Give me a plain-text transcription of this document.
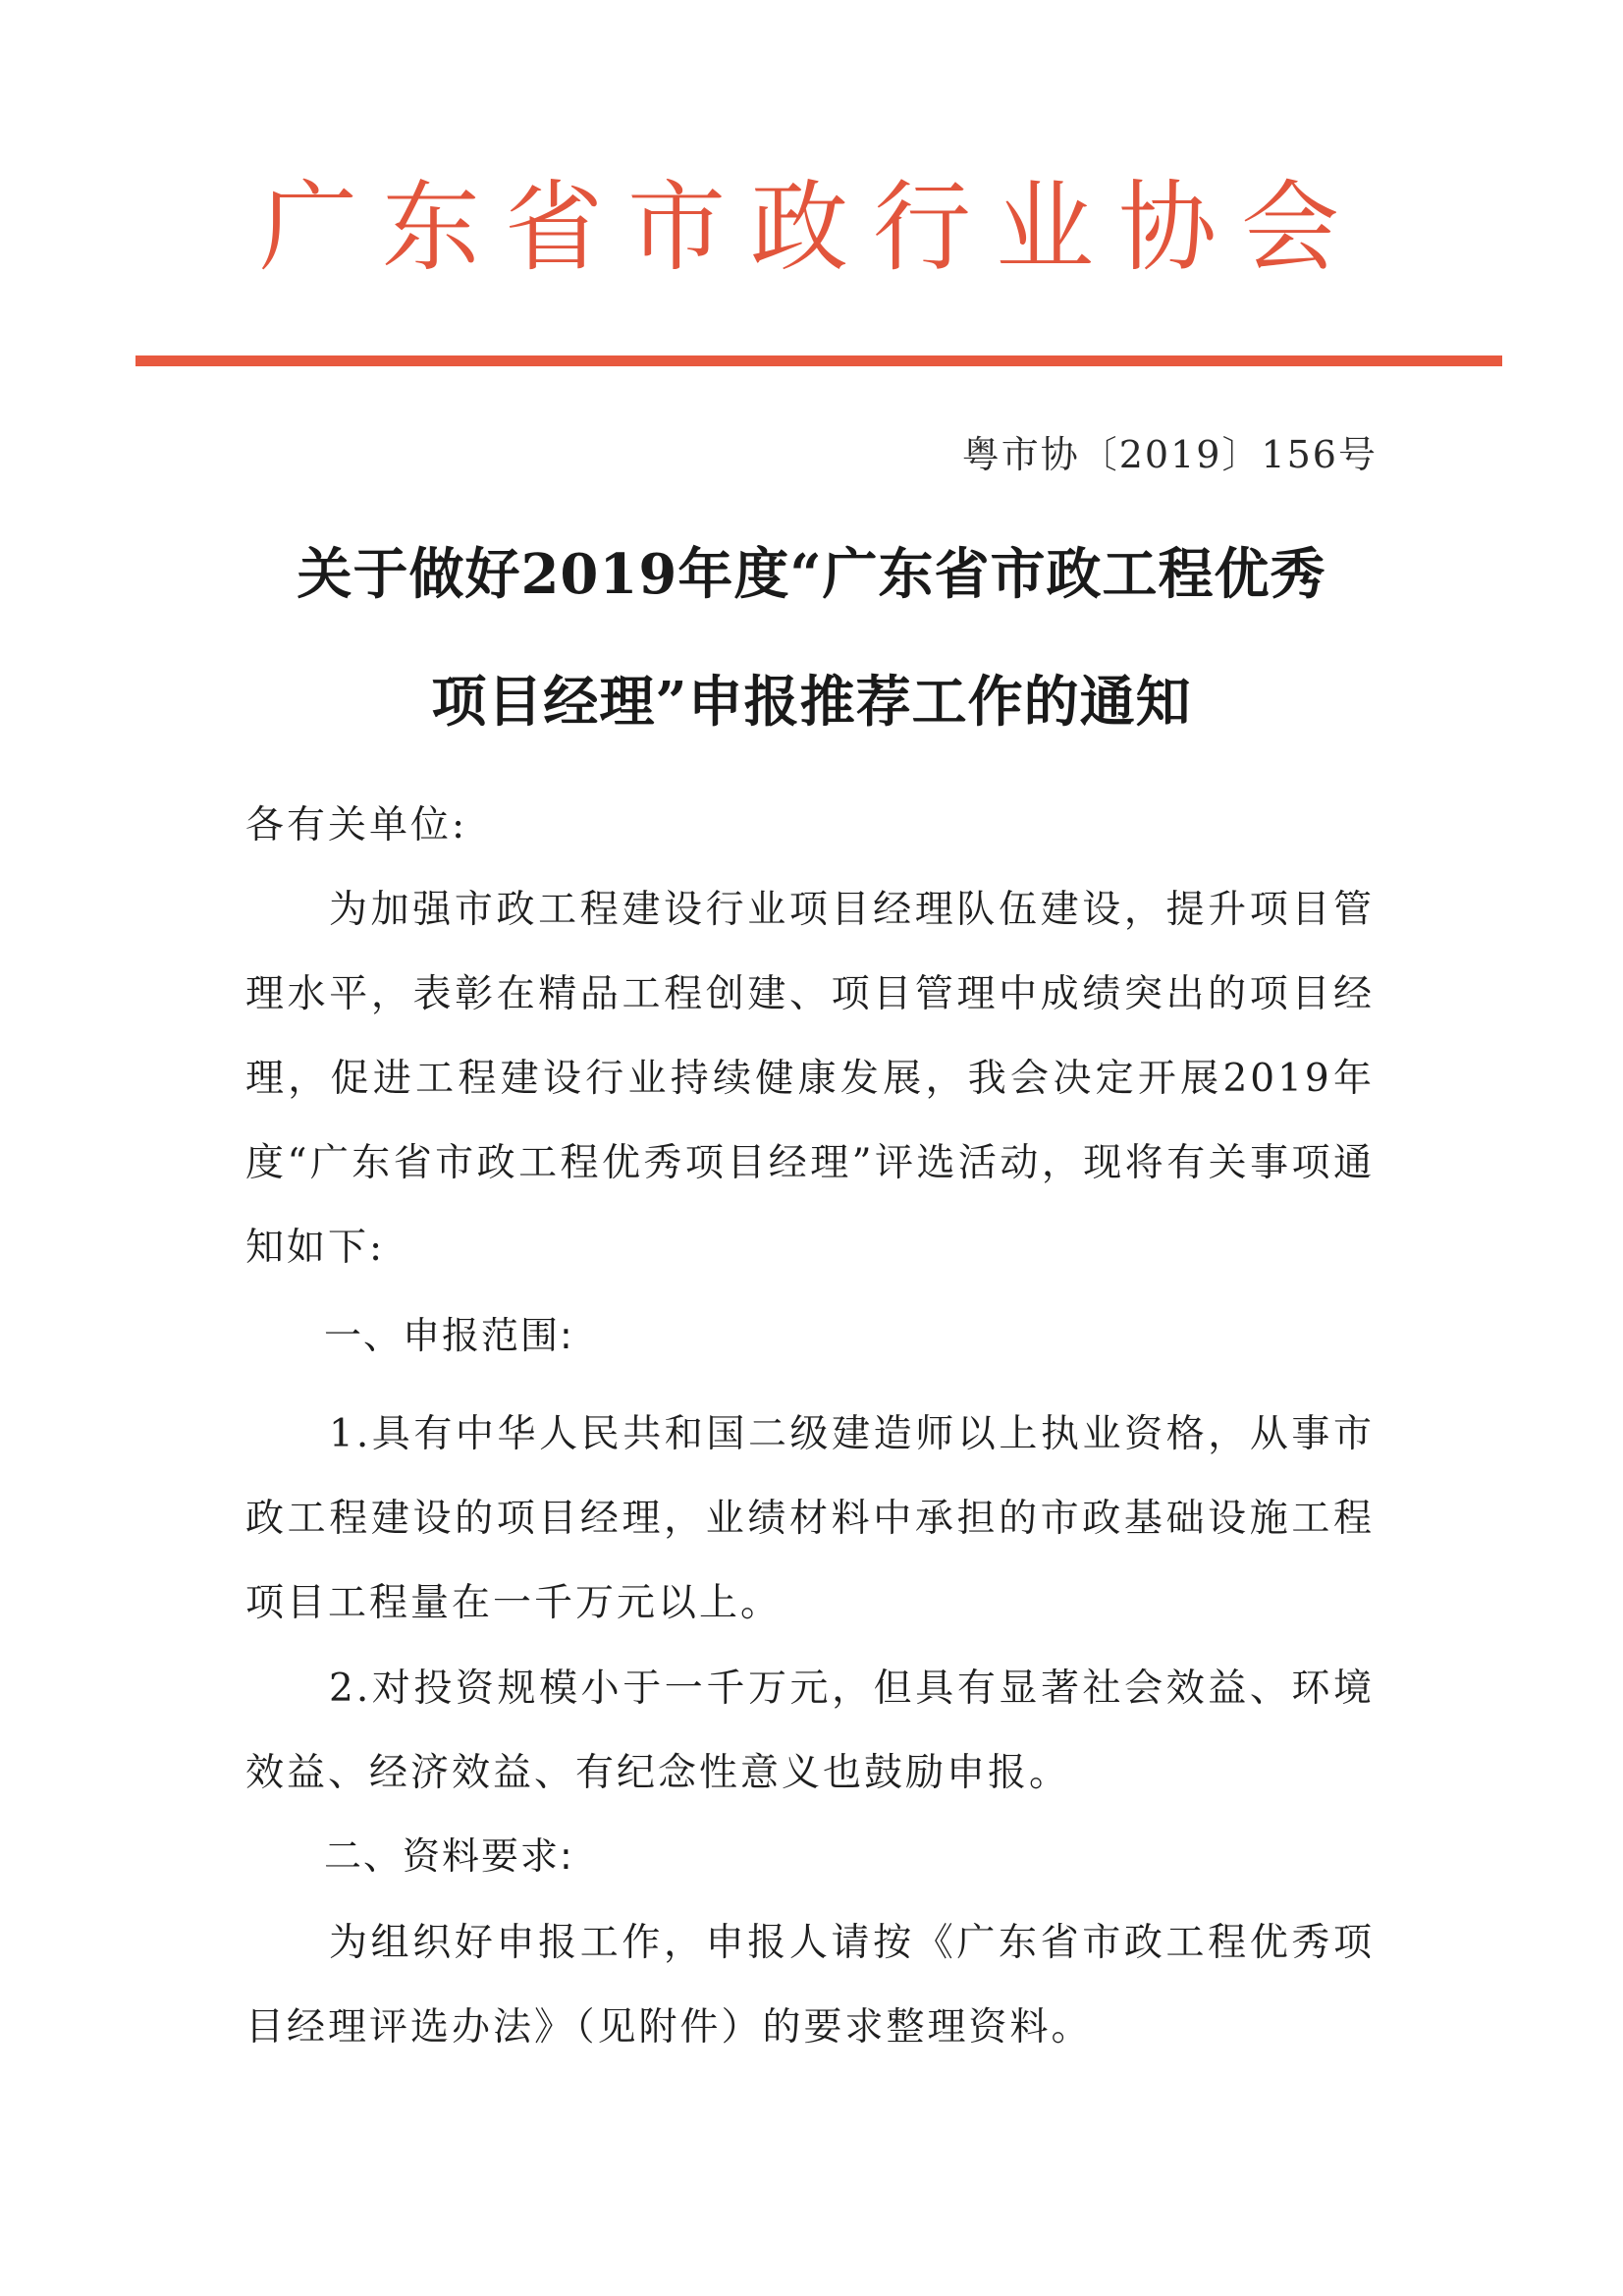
广东省市政行业协会
粤市协〔2019〕156号
关于做好2019年度“广东省市政工程优秀
项目经理”申报推荐工作的通知

各有关单位:

为加强市政工程建设行业项目经理队伍建设，提升项目管理水平，表彰在精品工程创建、项目管理中成绩突出的项目经理，促进工程建设行业持续健康发展，我会决定开展2019年度“广东省市政工程优秀项目经理”评选活动，现将有关事项通知如下:

一、申报范围:

1.具有中华人民共和国二级建造师以上执业资格，从事市政工程建设的项目经理，业绩材料中承担的市政基础设施工程项目工程量在一千万元以上。

2.对投资规模小于一千万元，但具有显著社会效益、环境效益、经济效益、有纪念性意义也鼓励申报。

二、资料要求:

为组织好申报工作，申报人请按《广东省市政工程优秀项目经理评选办法》（见附件）的要求整理资料。
